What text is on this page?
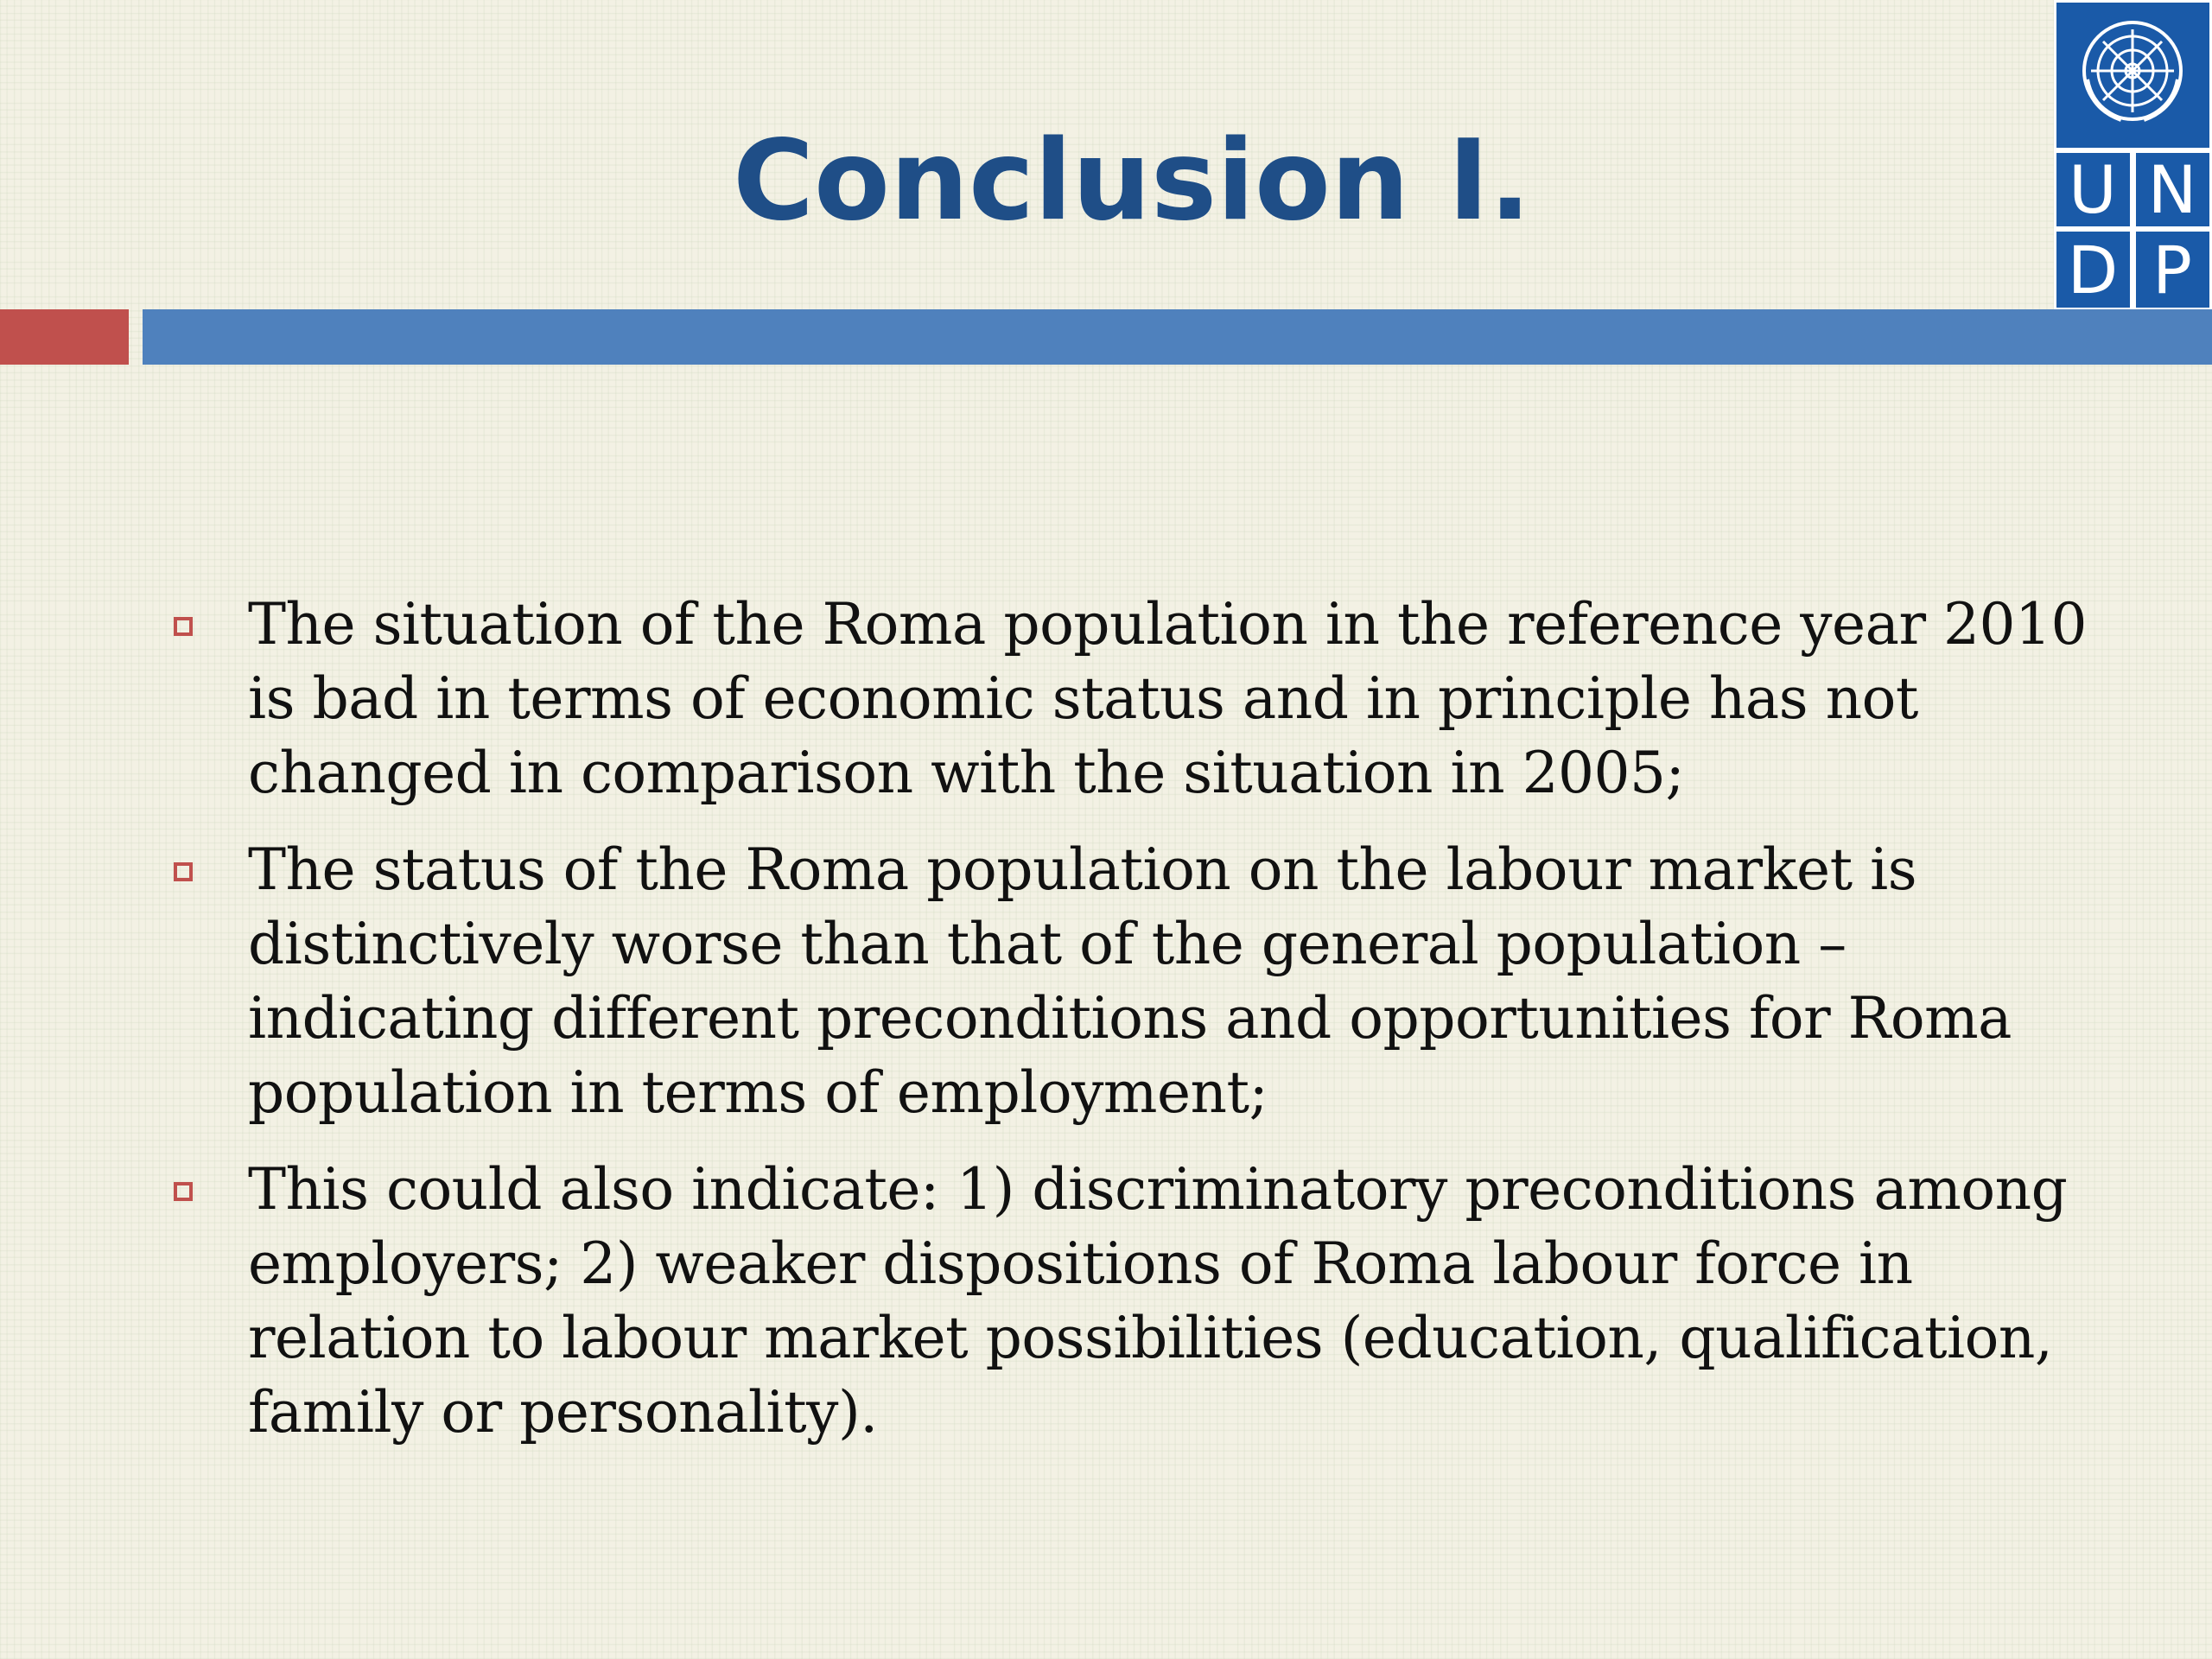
U N
D P
Conclusion I.
The situation of the Roma population in the reference year 2010 is bad in terms of economic status and in principle has not changed in comparison with the situation in 2005;
The status of the Roma population on the labour market is distinctively worse than that of the general population – indicating different preconditions and opportunities for Roma population in terms of employment;
This could also indicate: 1) discriminatory preconditions among employers; 2) weaker dispositions of Roma labour force in relation to labour market possibilities (education, qualification, family or personality).
